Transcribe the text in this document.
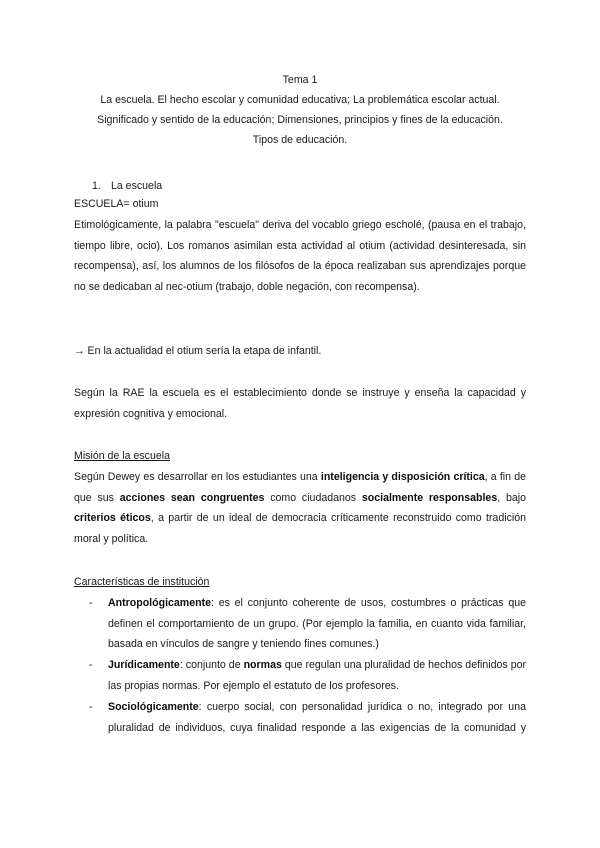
Tema 1
La escuela. El hecho escolar y comunidad educativa; La problemática escolar actual.
Significado y sentido de la educación; Dimensiones, principios y fines de la educación.
Tipos de educación.
1. La escuela
ESCUELA= otium
Etimológicamente, la palabra "escuela" deriva del vocablo griego escholé, (pausa en el trabajo, tiempo libre, ocio). Los romanos asimilan esta actividad al otium (actividad desinteresada, sin recompensa), así, los alumnos de los filósofos de la época realizaban sus aprendizajes porque no se dedicaban al nec-otium (trabajo, doble negación, con recompensa).
→ En la actualidad el otium sería la etapa de infantil.
Según la RAE la escuela es el establecimiento donde se instruye y enseña la capacidad y expresión cognitiva y emocional.
Misión de la escuela
Según Dewey es desarrollar en los estudiantes una inteligencia y disposición crítica, a fin de que sus acciones sean congruentes como ciudadanos socialmente responsables, bajo criterios éticos, a partir de un ideal de democracia críticamente reconstruido como tradición moral y política.
Características de institución
- Antropológicamente: es el conjunto coherente de usos, costumbres o prácticas que definen el comportamiento de un grupo. (Por ejemplo la familia, en cuanto vida familiar, basada en vínculos de sangre y teniendo fines comunes.)
- Jurídicamente: conjunto de normas que regulan una pluralidad de hechos definidos por las propias normas. Por ejemplo el estatuto de los profesores.
- Sociológicamente: cuerpo social, con personalidad jurídica o no, integrado por una pluralidad de individuos, cuya finalidad responde a las exigencias de la comunidad y
